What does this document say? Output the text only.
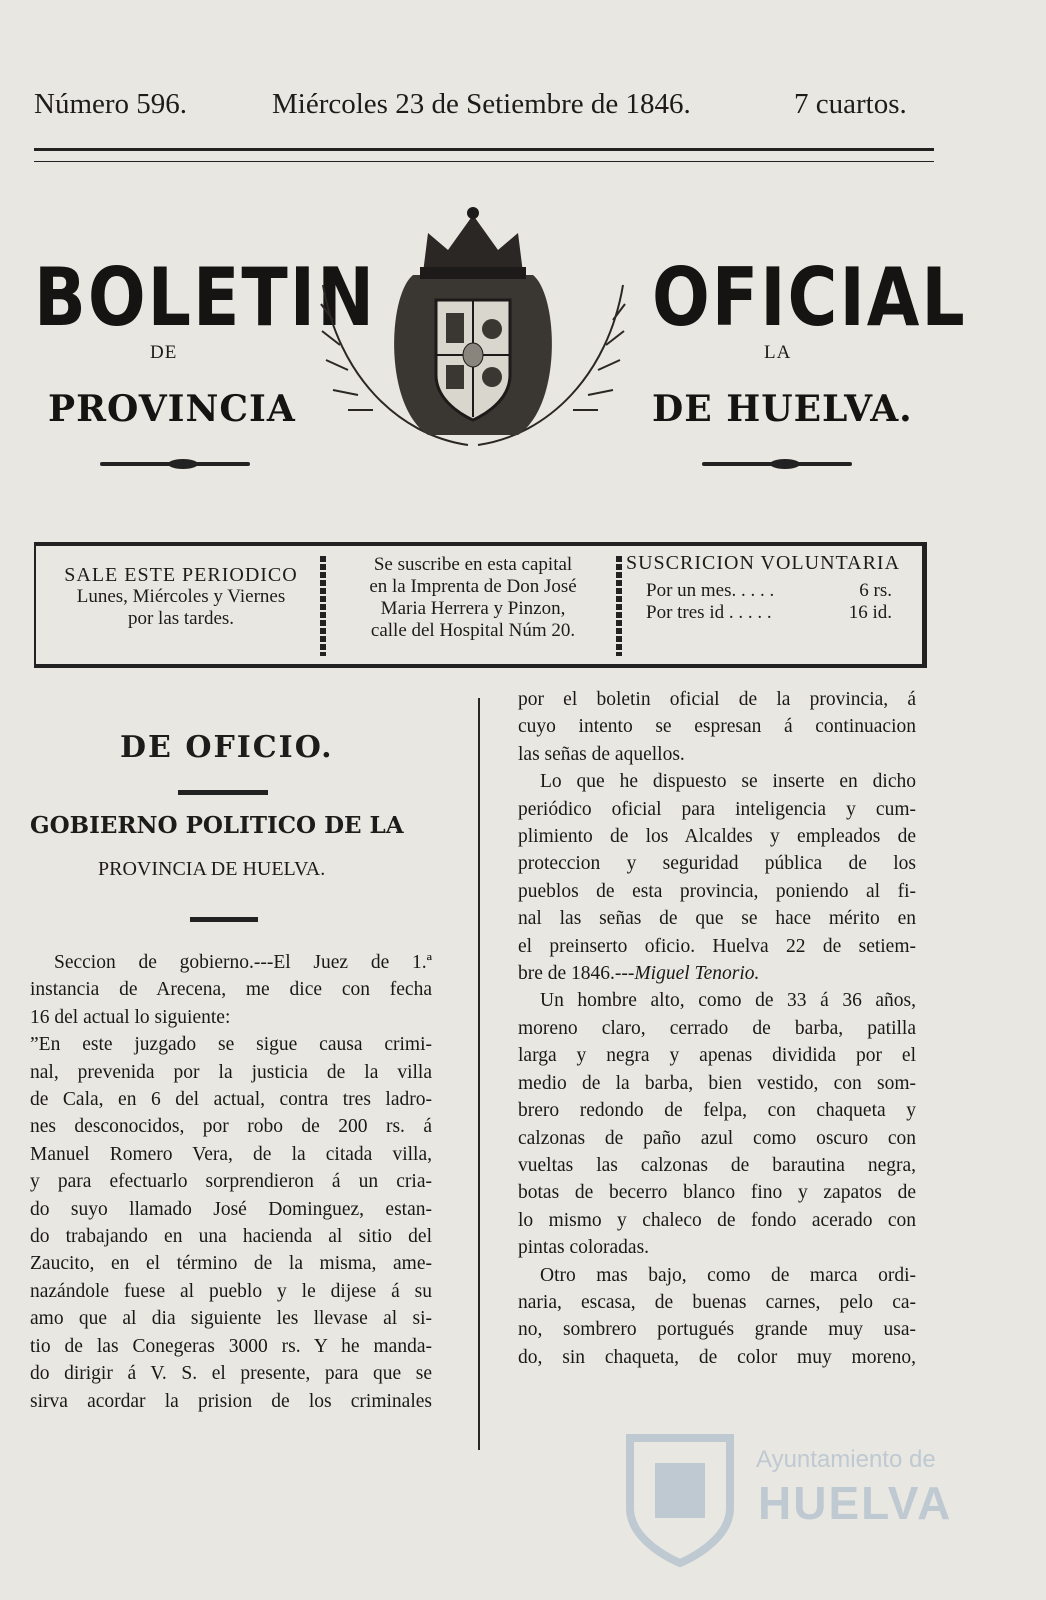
Número 596.	Miércoles 23 de Setiembre de 1846.	7 cuartos.
BOLETIN	OFICIAL
DE	LA
PROVINCIA	DE HUELVA.
SALE ESTE PERIODICO
Lunes, Miércoles y Viernes
por las tardes.
Se suscribe en esta capital
en la Imprenta de Don José
Maria Herrera y Pinzon,
calle del Hospital Núm 20.
SUSCRICION VOLUNTARIA
Por un mes. . . . .	6 rs.
Por tres id . . . . .	16 id.
DE OFICIO.
GOBIERNO POLITICO DE LA
PROVINCIA DE HUELVA.
Seccion de gobierno.---El Juez de 1.ª
instancia de Arecena, me dice con fecha
16 del actual lo siguiente:
”En este juzgado se sigue causa crimi-
nal, prevenida por la justicia de la villa
de Cala, en 6 del actual, contra tres ladro-
nes desconocidos, por robo de 200 rs. á
Manuel Romero Vera, de la citada villa,
y para efectuarlo sorprendieron á un cria-
do suyo llamado José Dominguez, estan-
do trabajando en una hacienda al sitio del
Zaucito, en el término de la misma, ame-
nazándole fuese al pueblo y le dijese á su
amo que al dia siguiente les llevase al si-
tio de las Conegeras 3000 rs. Y he manda-
do dirigir á V. S. el presente, para que se
sirva acordar la prision de los criminales
por el boletin oficial de la provincia, á
cuyo intento se espresan á continuacion
las señas de aquellos.
Lo que he dispuesto se inserte en dicho
periódico oficial para inteligencia y cum-
plimiento de los Alcaldes y empleados de
proteccion y seguridad pública de los
pueblos de esta provincia, poniendo al fi-
nal las señas de que se hace mérito en
el preinserto oficio. Huelva 22 de setiem-
bre de 1846.---Miguel Tenorio.
Un hombre alto, como de 33 á 36 años,
moreno claro, cerrado de barba, patilla
larga y negra y apenas dividida por el
medio de la barba, bien vestido, con som-
brero redondo de felpa, con chaqueta y
calzonas de paño azul como oscuro con
vueltas las calzonas de barautina negra,
botas de becerro blanco fino y zapatos de
lo mismo y chaleco de fondo acerado con
pintas coloradas.
Otro mas bajo, como de marca ordi-
naria, escasa, de buenas carnes, pelo ca-
no, sombrero portugués grande muy usa-
do, sin chaqueta, de color muy moreno,
Ayuntamiento de
HUELVA
